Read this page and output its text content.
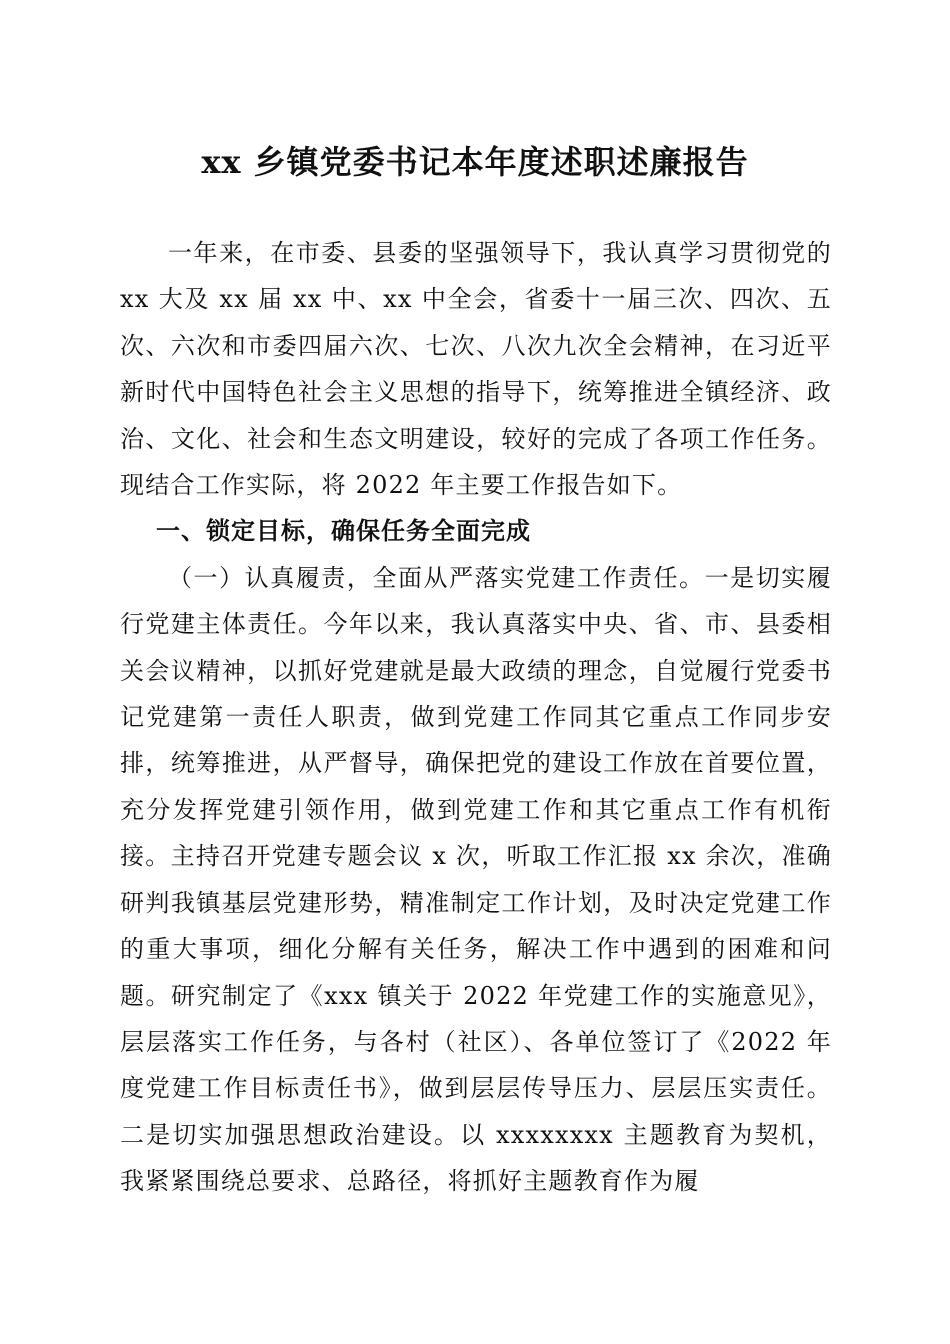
xx 乡镇党委书记本年度述职述廉报告

一年来，在市委、县委的坚强领导下，我认真学习贯彻党的 xx 大及 xx 届 xx 中、xx 中全会，省委十一届三次、四次、五次、六次和市委四届六次、七次、八次九次全会精神，在习近平新时代中国特色社会主义思想的指导下，统筹推进全镇经济、政治、文化、社会和生态文明建设，较好的完成了各项工作任务。现结合工作实际，将 2022 年主要工作报告如下。

一、锁定目标，确保任务全面完成

（一）认真履责，全面从严落实党建工作责任。一是切实履行党建主体责任。今年以来，我认真落实中央、省、市、县委相关会议精神，以抓好党建就是最大政绩的理念，自觉履行党委书记党建第一责任人职责，做到党建工作同其它重点工作同步安排，统筹推进，从严督导，确保把党的建设工作放在首要位置，充分发挥党建引领作用，做到党建工作和其它重点工作有机衔接。主持召开党建专题会议 x 次，听取工作汇报 xx 余次，准确研判我镇基层党建形势，精准制定工作计划，及时决定党建工作的重大事项，细化分解有关任务，解决工作中遇到的困难和问题。研究制定了《xxx 镇关于 2022 年党建工作的实施意见》，层层落实工作任务，与各村（社区）、各单位签订了《2022 年度党建工作目标责任书》，做到层层传导压力、层层压实责任。二是切实加强思想政治建设。以 xxxxxxxx 主题教育为契机，我紧紧围绕总要求、总路径，将抓好主题教育作为履
